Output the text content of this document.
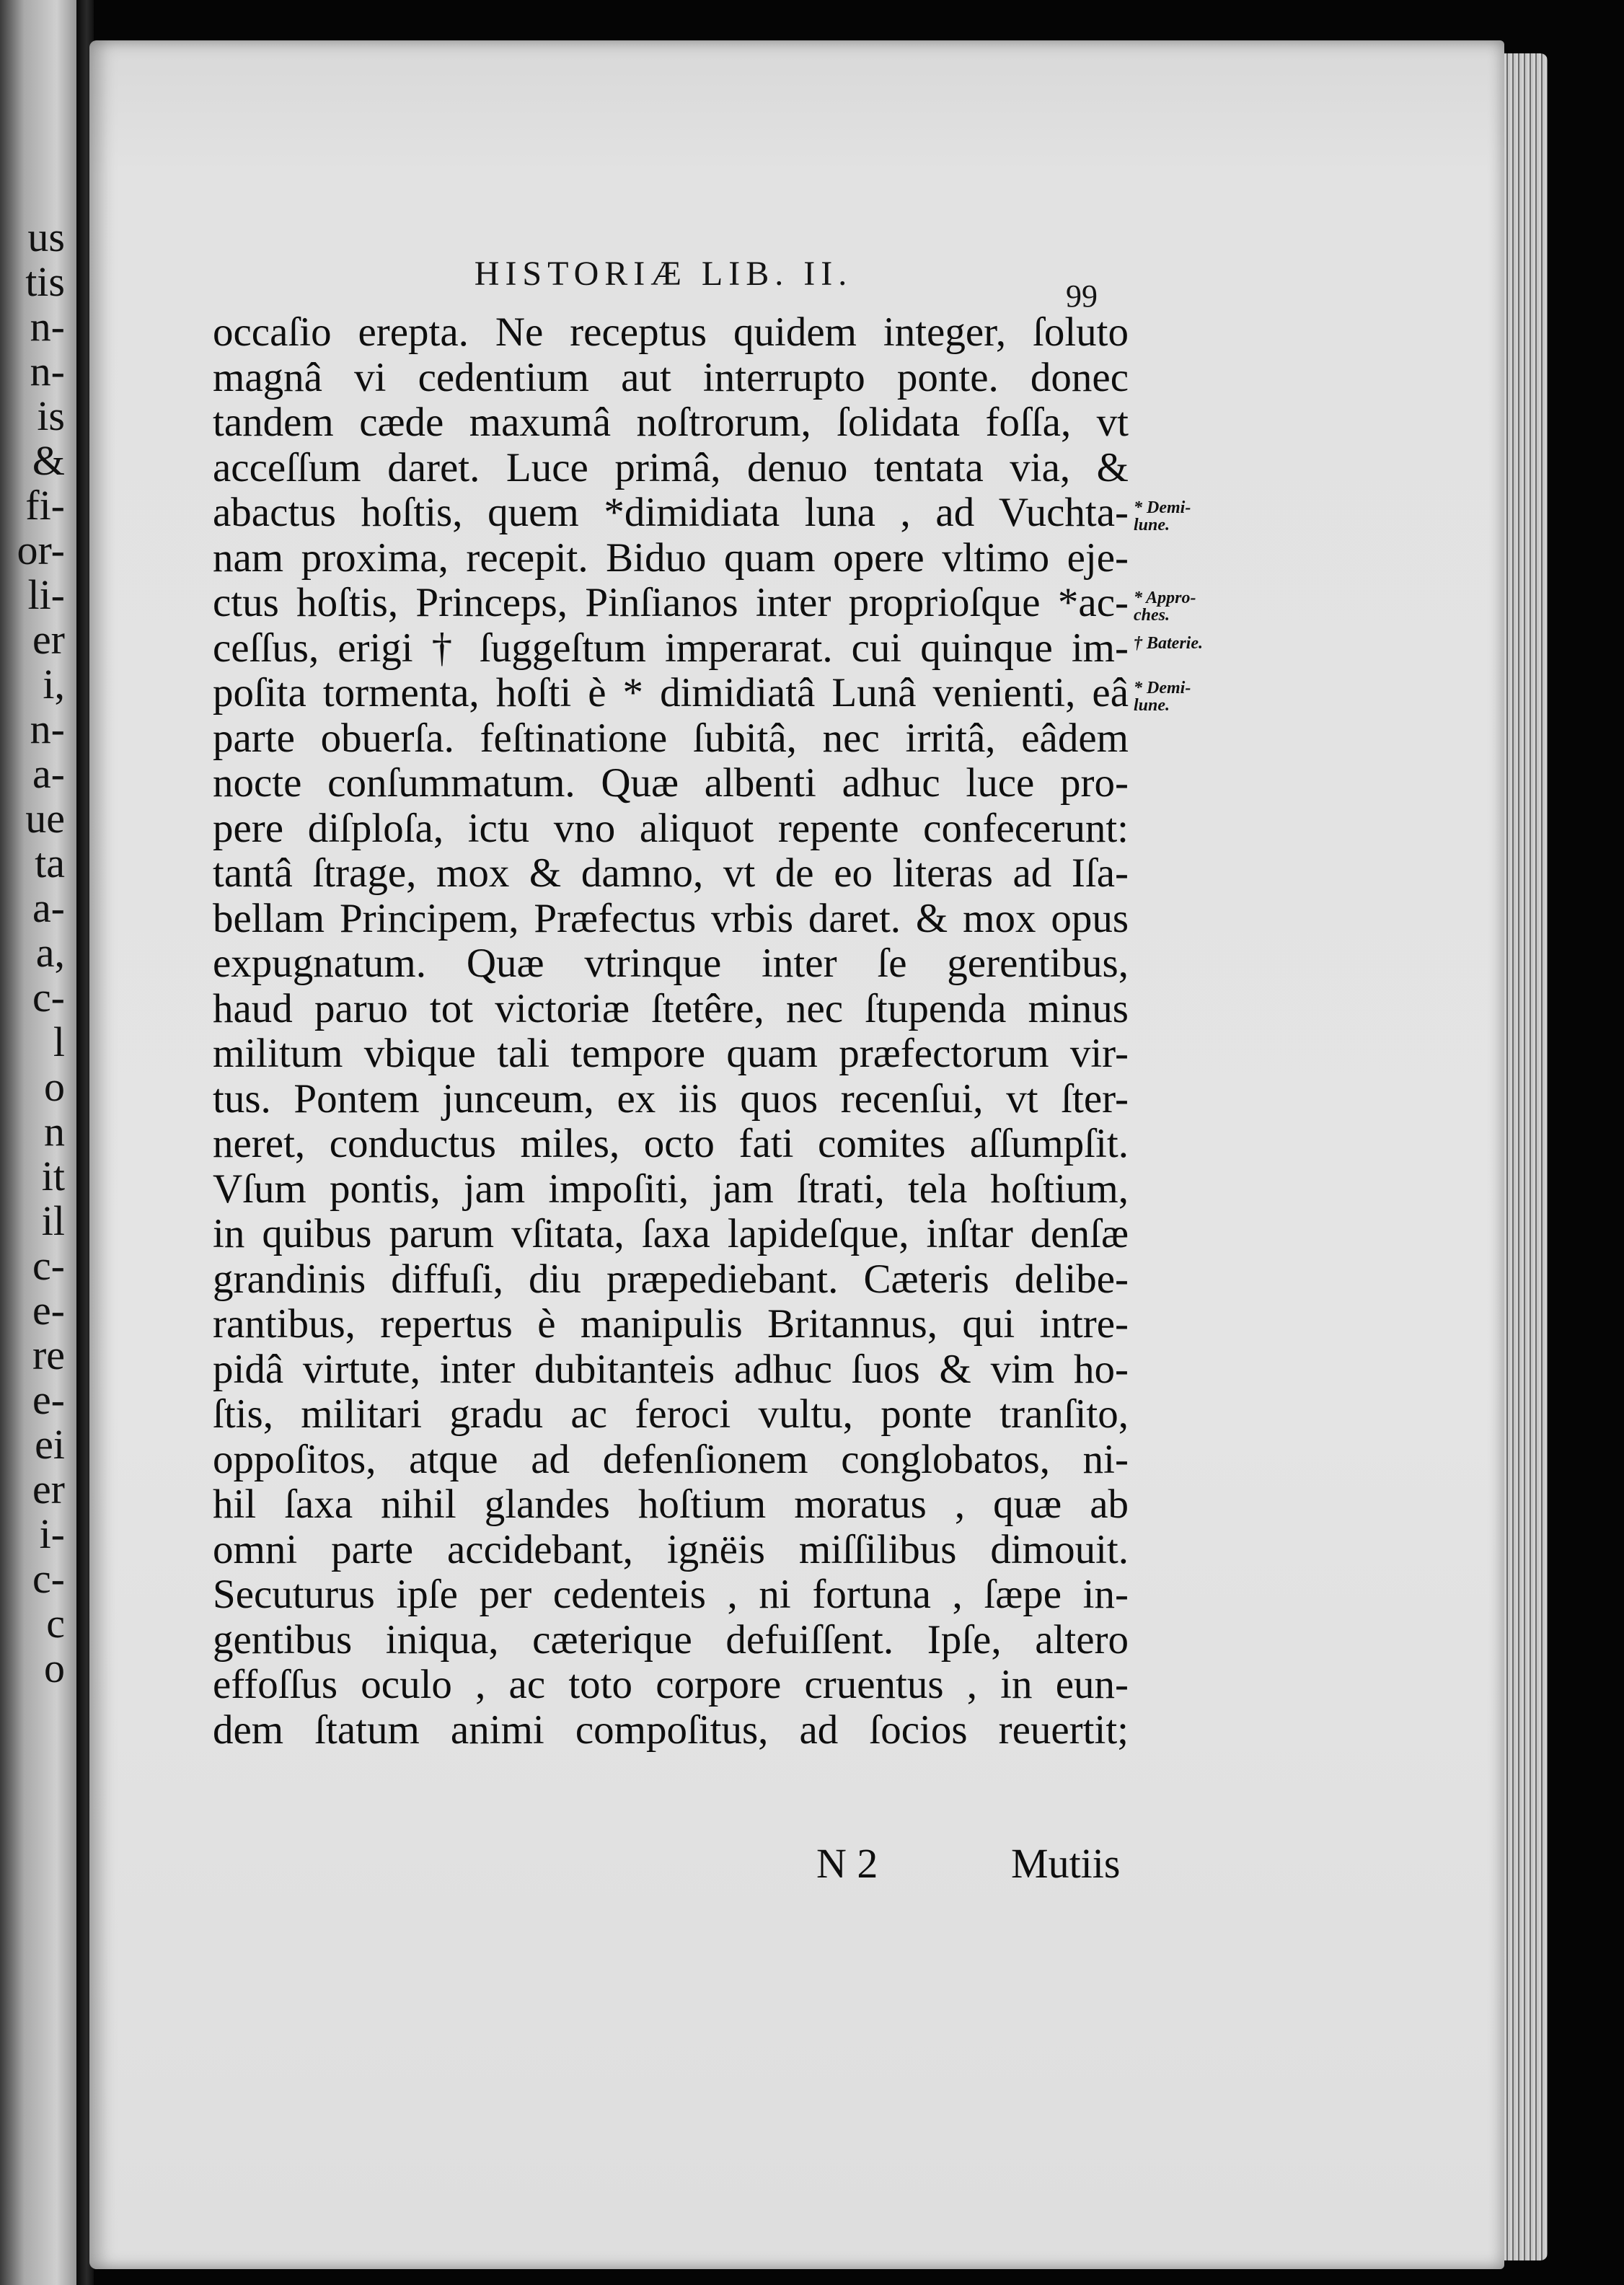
us
tis
n-
n-
is
&
fi-
or-
li-
er
i,
n-
a-
ue
ta
a-
a,
c-
l
o
n
it
il
c-
e-
re
e-
ei
er
i-
c-
c
o
HISTORIÆ LIB. II.
99
occaſio erepta. Ne receptus quidem integer, ſoluto
magnâ vi cedentium aut interrupto ponte. donec
tandem cæde maxumâ noſtrorum, ſolidata foſſa, vt
acceſſum daret. Luce primâ, denuo tentata via, &
abactus hoſtis, quem *dimidiata luna , ad Vuchta-
nam proxima, recepit. Biduo quam opere vltimo eje-
ctus hoſtis, Princeps, Pinſianos inter proprioſque *ac-
ceſſus, erigi † ſuggeſtum imperarat. cui quinque im-
poſita tormenta, hoſti è * dimidiatâ Lunâ venienti, eâ
parte obuerſa. feſtinatione ſubitâ, nec irritâ, eâdem
nocte conſummatum. Quæ albenti adhuc luce pro-
pere diſploſa, ictu vno aliquot repente confecerunt:
tantâ ſtrage, mox & damno, vt de eo literas ad Iſa-
bellam Principem, Præfectus vrbis daret. & mox opus
expugnatum. Quæ vtrinque inter ſe gerentibus,
haud paruo tot victoriæ ſtetêre, nec ſtupenda minus
militum vbique tali tempore quam præfectorum vir-
tus. Pontem junceum, ex iis quos recenſui, vt ſter-
neret, conductus miles, octo fati comites aſſumpſit.
Vſum pontis, jam impoſiti, jam ſtrati, tela hoſtium,
in quibus parum vſitata, ſaxa lapideſque, inſtar denſæ
grandinis diffuſi, diu præpediebant. Cæteris delibe-
rantibus, repertus è manipulis Britannus, qui intre-
pidâ virtute, inter dubitanteis adhuc ſuos & vim ho-
ſtis, militari gradu ac feroci vultu, ponte tranſito,
oppoſitos, atque ad defenſionem conglobatos, ni-
hil ſaxa nihil glandes hoſtium moratus , quæ ab
omni parte accidebant, ignëis miſſilibus dimouit.
Secuturus ipſe per cedenteis , ni fortuna , ſæpe in-
gentibus iniqua, cæterique defuiſſent. Ipſe, altero
effoſſus oculo , ac toto corpore cruentus , in eun-
dem ſtatum animi compoſitus, ad ſocios reuertit;
* Demi-
lune.
* Appro-
ches.
† Baterie.
* Demi-
lune.
N 2	Mutiis
